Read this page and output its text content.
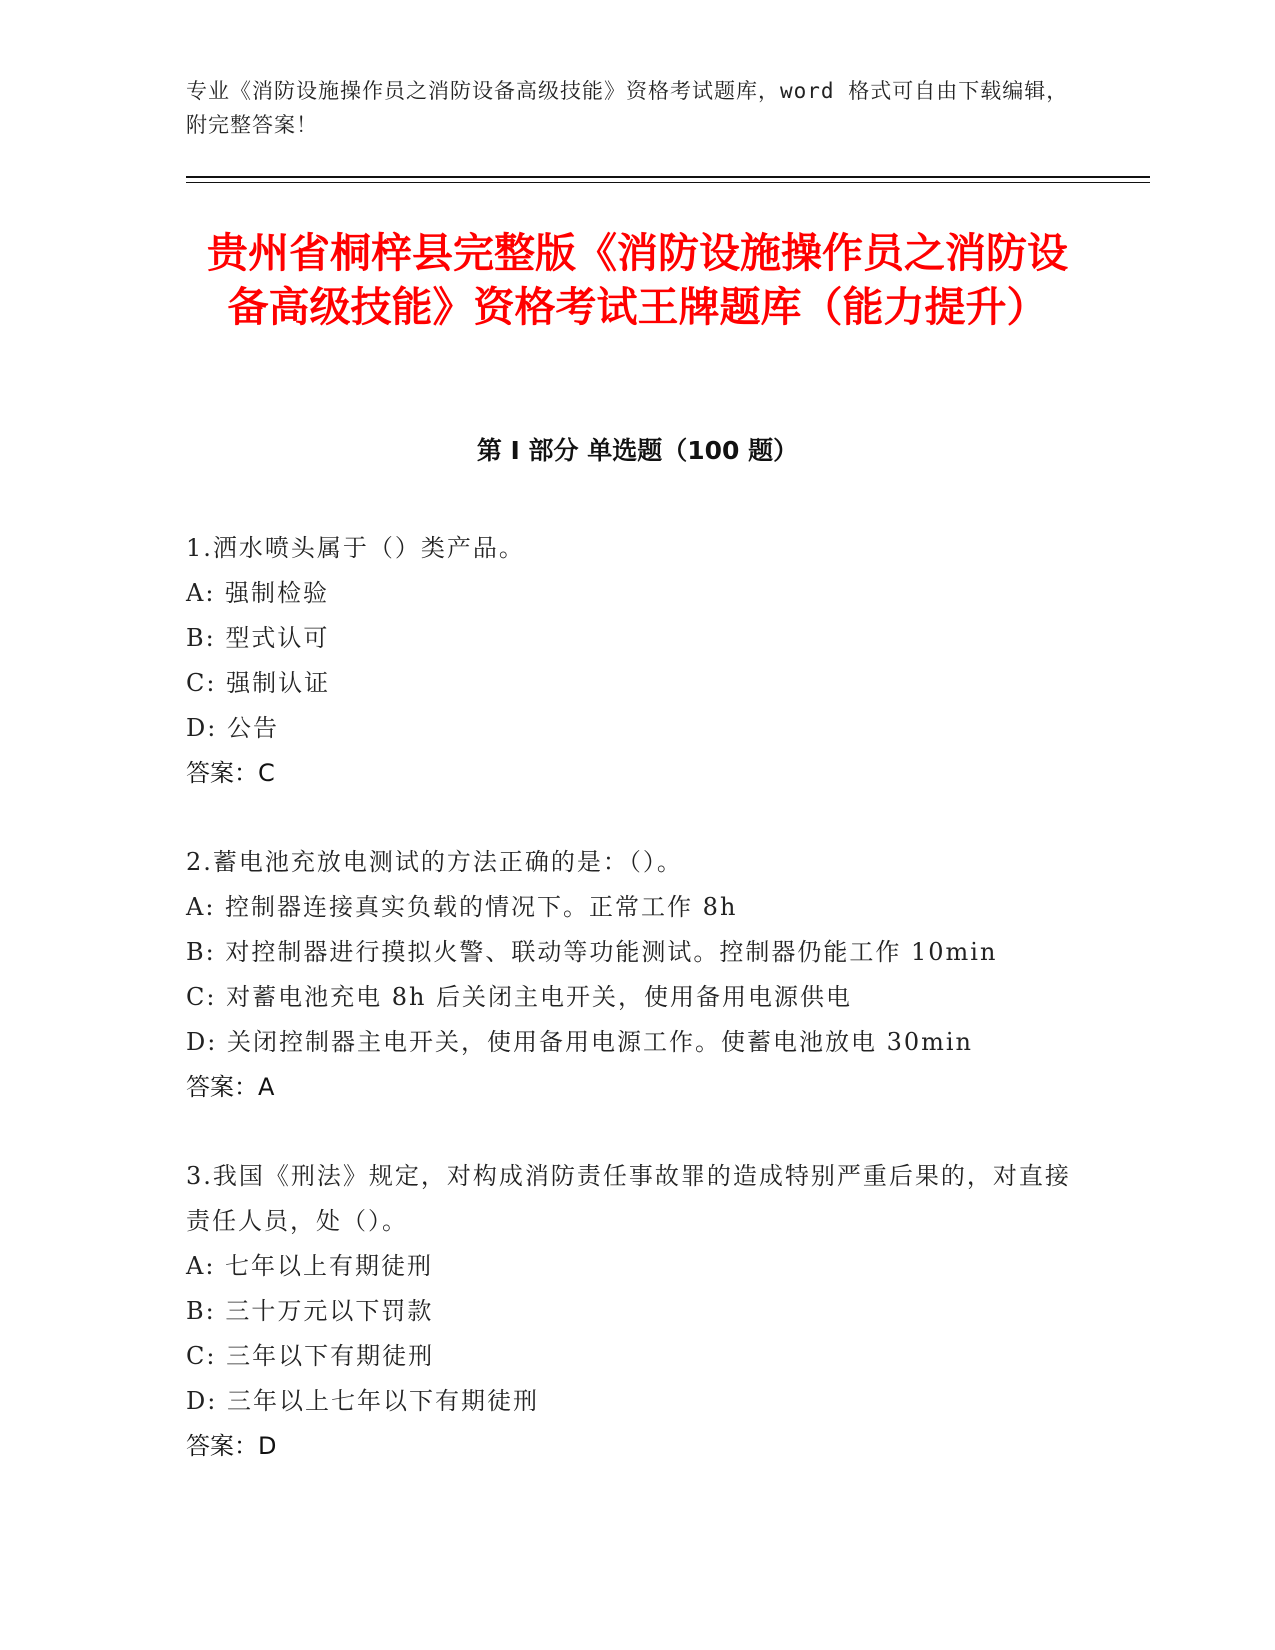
专业《消防设施操作员之消防设备高级技能》资格考试题库，word 格式可自由下载编辑，附完整答案！
贵州省桐梓县完整版《消防设施操作员之消防设备高级技能》资格考试王牌题库（能力提升）
第 I 部分 单选题（100 题）
1.洒水喷头属于（）类产品。
A: 强制检验
B: 型式认可
C: 强制认证
D: 公告
答案：C
2.蓄电池充放电测试的方法正确的是：（）。
A: 控制器连接真实负载的情况下。正常工作 8h
B: 对控制器进行摸拟火警、联动等功能测试。控制器仍能工作 10min
C: 对蓄电池充电 8h 后关闭主电开关，使用备用电源供电
D: 关闭控制器主电开关，使用备用电源工作。使蓄电池放电 30min
答案：A
3.我国《刑法》规定，对构成消防责任事故罪的造成特别严重后果的，对直接责任人员，处（）。
A: 七年以上有期徒刑
B: 三十万元以下罚款
C: 三年以下有期徒刑
D: 三年以上七年以下有期徒刑
答案：D
